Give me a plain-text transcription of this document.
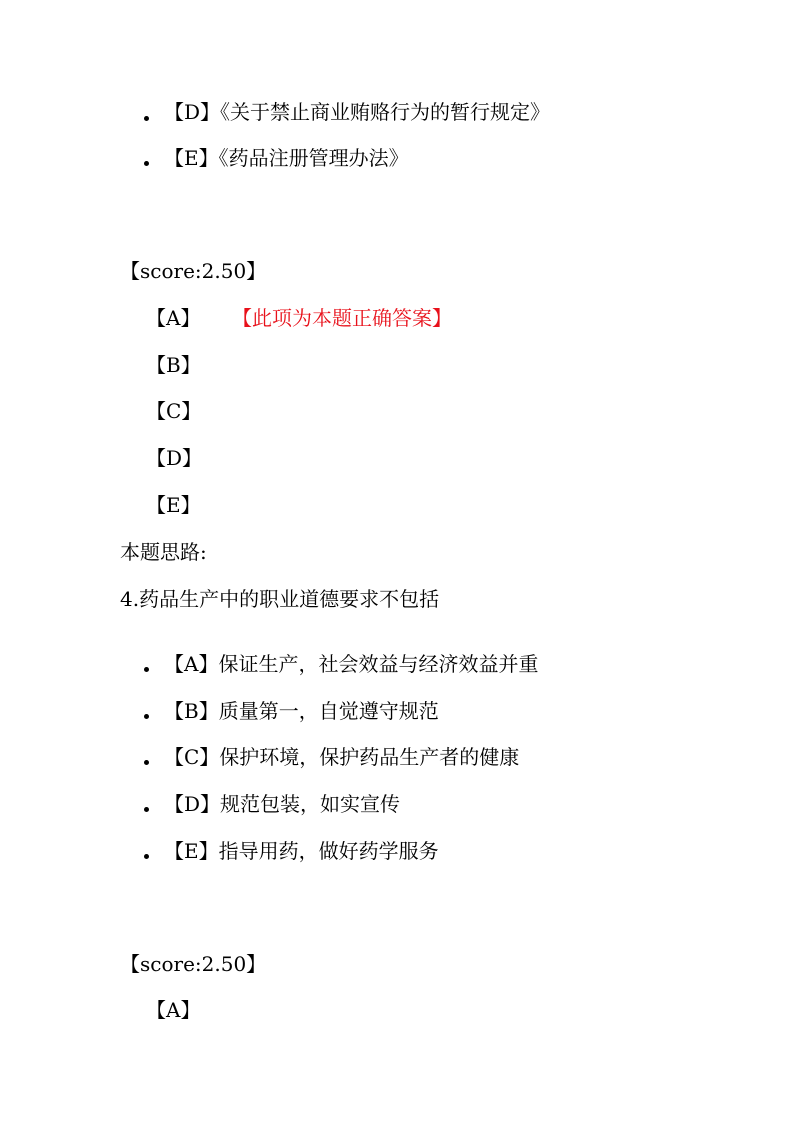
【D】《关于禁止商业贿赂行为的暂行规定》
【E】《药品注册管理办法》
【score:2.50】
【A】 【此项为本题正确答案】
【B】
【C】
【D】
【E】
本题思路:
4.药品生产中的职业道德要求不包括
【A】保证生产，社会效益与经济效益并重
【B】质量第一，自觉遵守规范
【C】保护环境，保护药品生产者的健康
【D】规范包装，如实宣传
【E】指导用药，做好药学服务
【score:2.50】
【A】
